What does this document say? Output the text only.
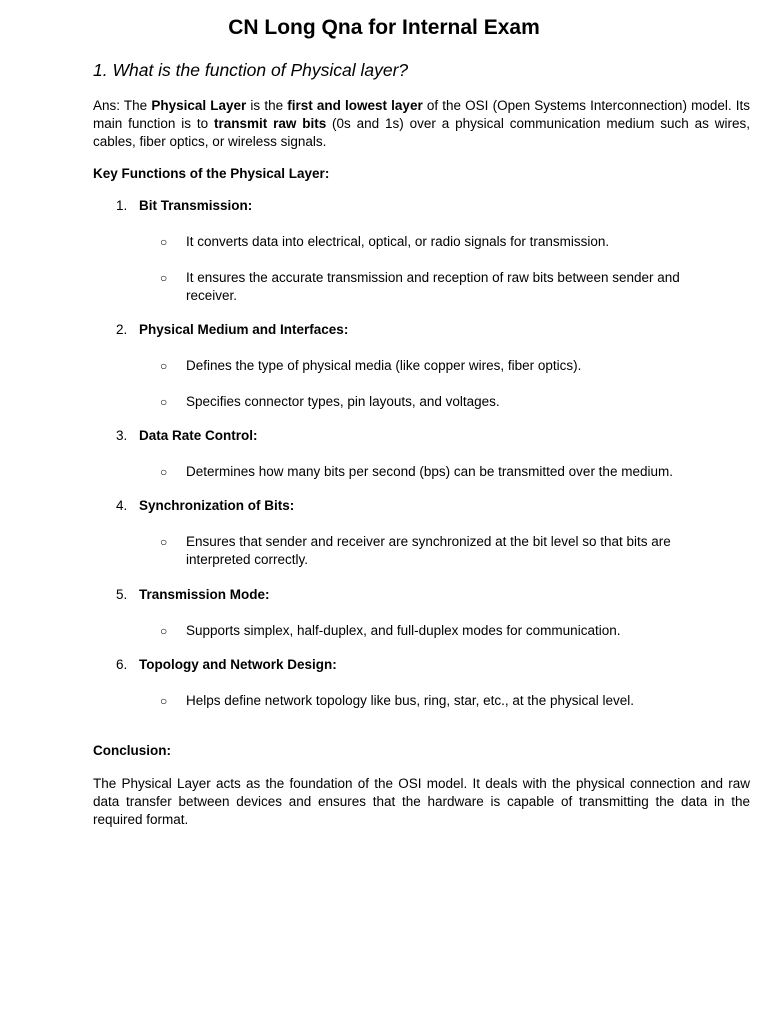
CN Long Qna for Internal Exam
1. What is the function of Physical layer?
Ans: The Physical Layer is the first and lowest layer of the OSI (Open Systems Interconnection) model. Its main function is to transmit raw bits (0s and 1s) over a physical communication medium such as wires, cables, fiber optics, or wireless signals.
Key Functions of the Physical Layer:
1. Bit Transmission:
○	It converts data into electrical, optical, or radio signals for transmission.
○	It ensures the accurate transmission and reception of raw bits between sender and receiver.
2. Physical Medium and Interfaces:
○	Defines the type of physical media (like copper wires, fiber optics).
○	Specifies connector types, pin layouts, and voltages.
3. Data Rate Control:
○	Determines how many bits per second (bps) can be transmitted over the medium.
4. Synchronization of Bits:
○	Ensures that sender and receiver are synchronized at the bit level so that bits are interpreted correctly.
5. Transmission Mode:
○	Supports simplex, half-duplex, and full-duplex modes for communication.
6. Topology and Network Design:
○	Helps define network topology like bus, ring, star, etc., at the physical level.
Conclusion:
The Physical Layer acts as the foundation of the OSI model. It deals with the physical connection and raw data transfer between devices and ensures that the hardware is capable of transmitting the data in the required format.
